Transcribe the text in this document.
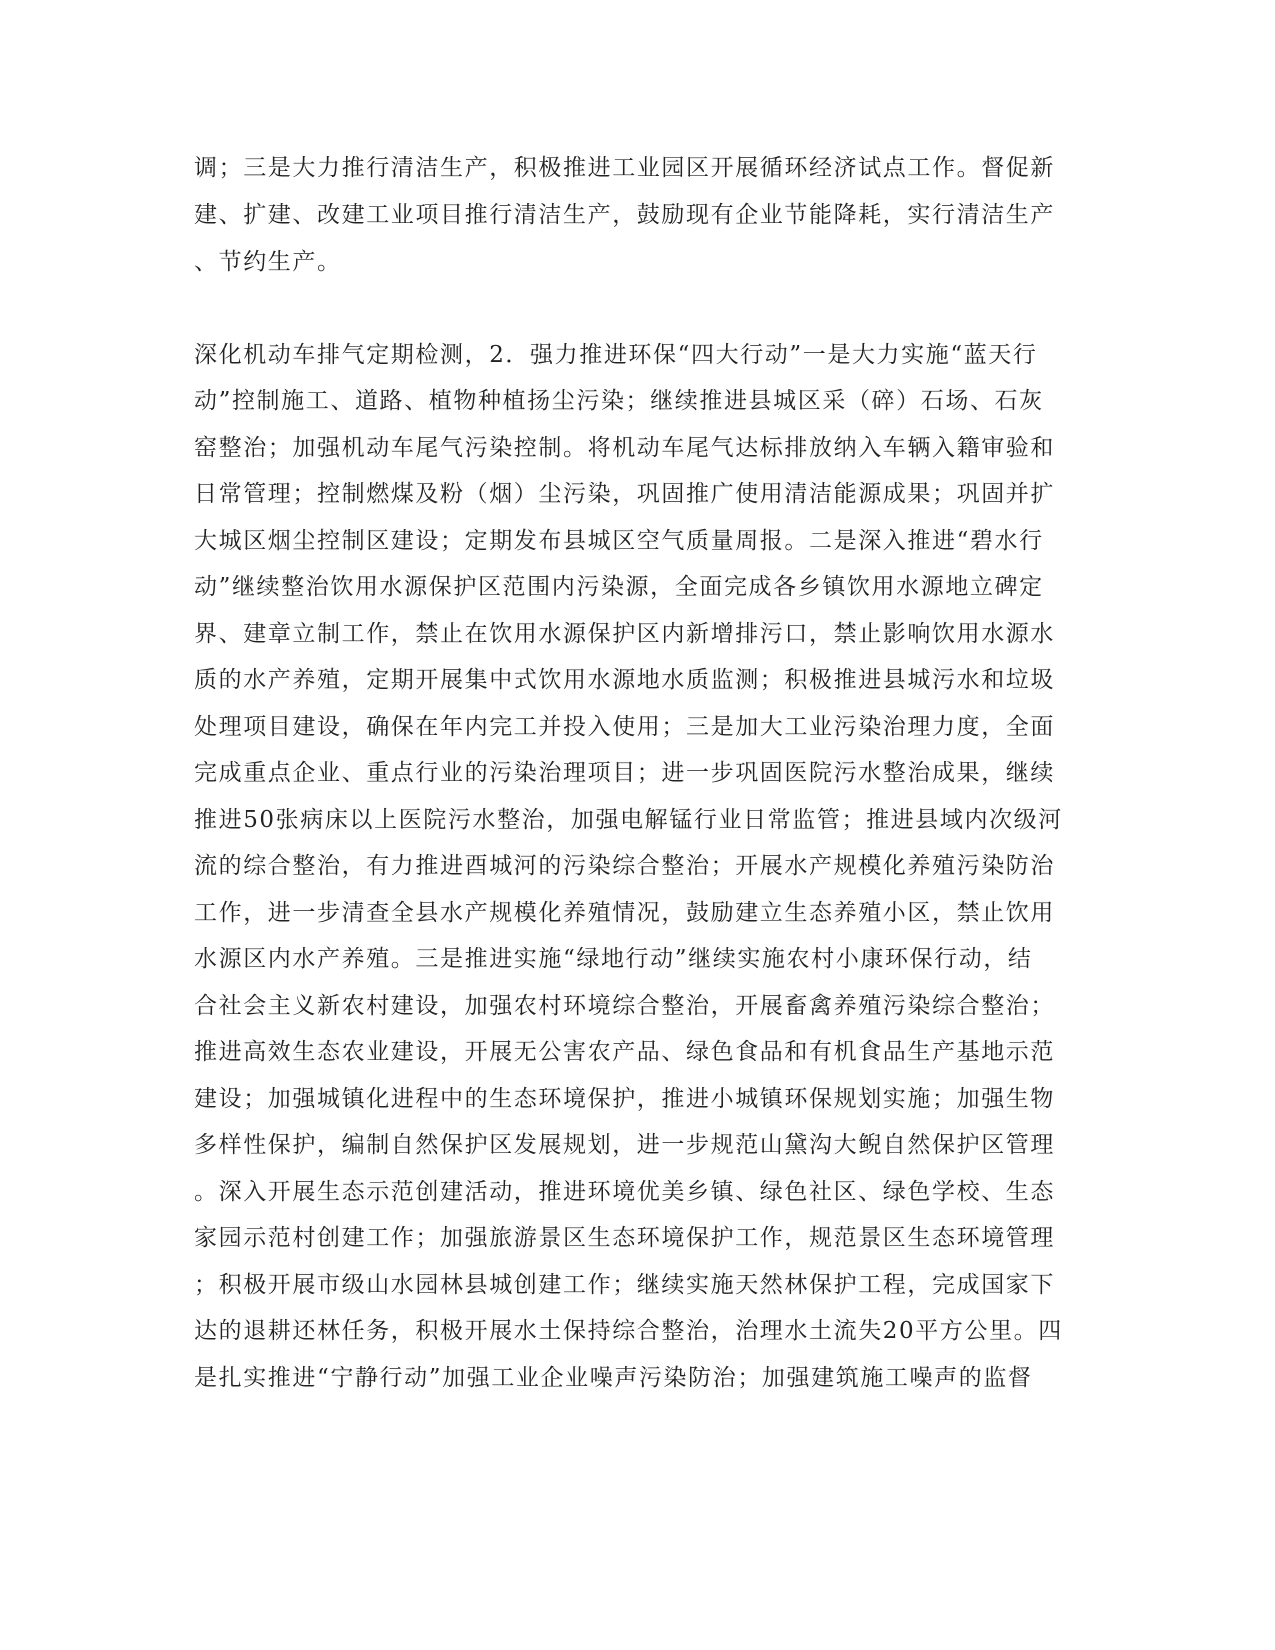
调；三是大力推行清洁生产，积极推进工业园区开展循环经济试点工作。督促新
建、扩建、改建工业项目推行清洁生产，鼓励现有企业节能降耗，实行清洁生产
、节约生产。
深化机动车排气定期检测，2．强力推进环保“四大行动”一是大力实施“蓝天行
动”控制施工、道路、植物种植扬尘污染；继续推进县城区采（碎）石场、石灰
窑整治；加强机动车尾气污染控制。将机动车尾气达标排放纳入车辆入籍审验和
日常管理；控制燃煤及粉（烟）尘污染，巩固推广使用清洁能源成果；巩固并扩
大城区烟尘控制区建设；定期发布县城区空气质量周报。二是深入推进“碧水行
动”继续整治饮用水源保护区范围内污染源，全面完成各乡镇饮用水源地立碑定
界、建章立制工作，禁止在饮用水源保护区内新增排污口，禁止影响饮用水源水
质的水产养殖，定期开展集中式饮用水源地水质监测；积极推进县城污水和垃圾
处理项目建设，确保在年内完工并投入使用；三是加大工业污染治理力度，全面
完成重点企业、重点行业的污染治理项目；进一步巩固医院污水整治成果，继续
推进50张病床以上医院污水整治，加强电解锰行业日常监管；推进县域内次级河
流的综合整治，有力推进酉城河的污染综合整治；开展水产规模化养殖污染防治
工作，进一步清查全县水产规模化养殖情况，鼓励建立生态养殖小区，禁止饮用
水源区内水产养殖。三是推进实施“绿地行动”继续实施农村小康环保行动，结
合社会主义新农村建设，加强农村环境综合整治，开展畜禽养殖污染综合整治；
推进高效生态农业建设，开展无公害农产品、绿色食品和有机食品生产基地示范
建设；加强城镇化进程中的生态环境保护，推进小城镇环保规划实施；加强生物
多样性保护，编制自然保护区发展规划，进一步规范山黛沟大鲵自然保护区管理
。深入开展生态示范创建活动，推进环境优美乡镇、绿色社区、绿色学校、生态
家园示范村创建工作；加强旅游景区生态环境保护工作，规范景区生态环境管理
；积极开展市级山水园林县城创建工作；继续实施天然林保护工程，完成国家下
达的退耕还林任务，积极开展水土保持综合整治，治理水土流失20平方公里。四
是扎实推进“宁静行动”加强工业企业噪声污染防治；加强建筑施工噪声的监督
